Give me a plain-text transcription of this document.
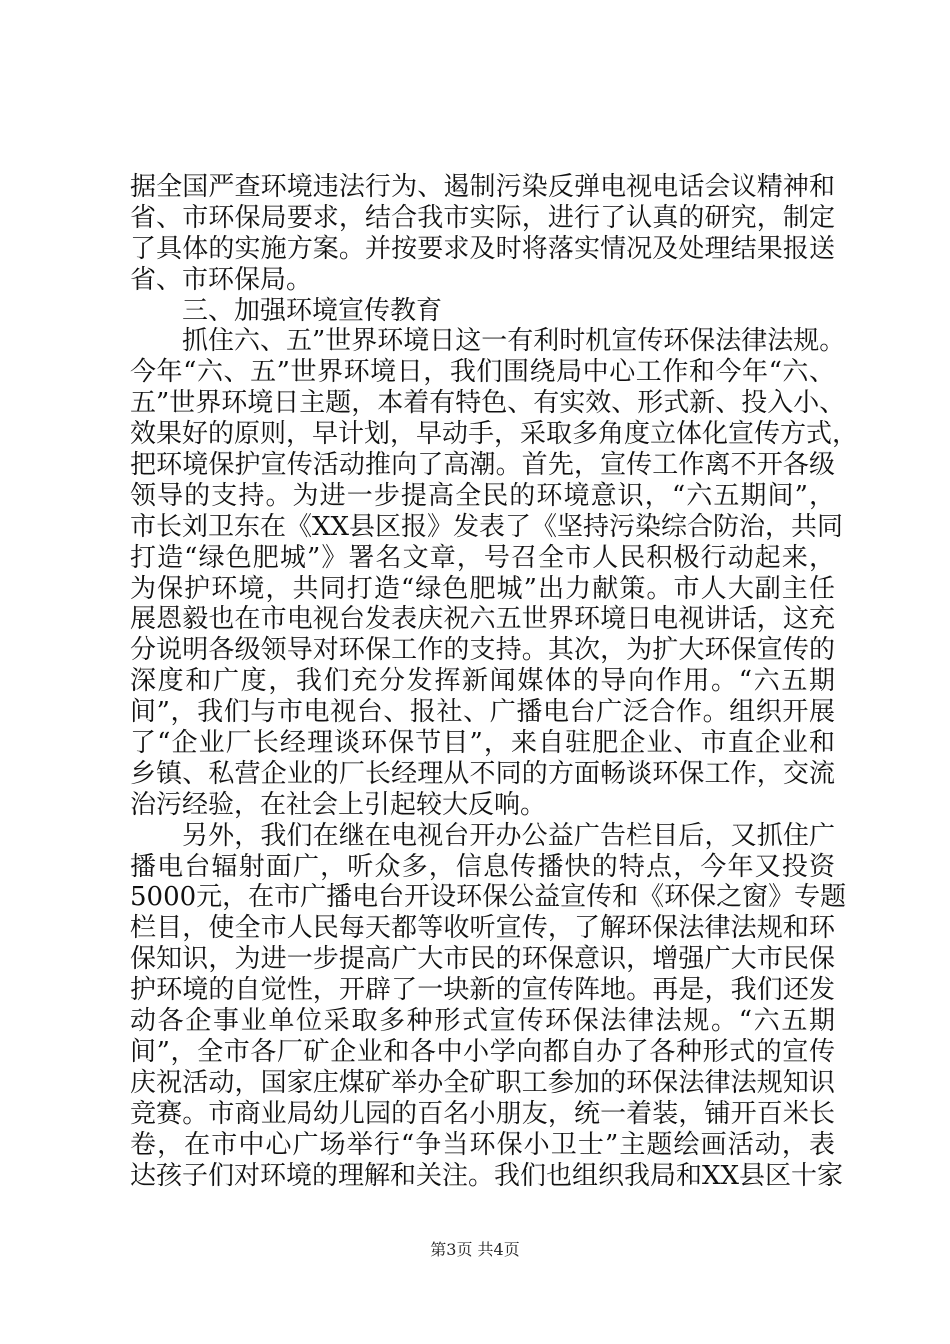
据全国严查环境违法行为、遏制污染反弹电视电话会议精神和
省、市环保局要求，结合我市实际，进行了认真的研究，制定
了具体的实施方案。并按要求及时将落实情况及处理结果报送
省、市环保局。
三、加强环境宣传教育
抓住六、五”世界环境日这一有利时机宣传环保法律法规。
今年“六、五”世界环境日，我们围绕局中心工作和今年“六、
五”世界环境日主题，本着有特色、有实效、形式新、投入小、
效果好的原则，早计划，早动手，采取多角度立体化宣传方式，
把环境保护宣传活动推向了高潮。首先，宣传工作离不开各级
领导的支持。为进一步提高全民的环境意识，“六五期间”，
市长刘卫东在《XX县区报》发表了《坚持污染综合防治，共同
打造“绿色肥城”》署名文章，号召全市人民积极行动起来，
为保护环境，共同打造“绿色肥城”出力献策。市人大副主任
展恩毅也在市电视台发表庆祝六五世界环境日电视讲话，这充
分说明各级领导对环保工作的支持。其次，为扩大环保宣传的
深度和广度，我们充分发挥新闻媒体的导向作用。“六五期
间”，我们与市电视台、报社、广播电台广泛合作。组织开展
了“企业厂长经理谈环保节目”，来自驻肥企业、市直企业和
乡镇、私营企业的厂长经理从不同的方面畅谈环保工作，交流
治污经验，在社会上引起较大反响。
另外，我们在继在电视台开办公益广告栏目后，又抓住广
播电台辐射面广，听众多，信息传播快的特点，今年又投资
5000元，在市广播电台开设环保公益宣传和《环保之窗》专题
栏目，使全市人民每天都等收听宣传，了解环保法律法规和环
保知识，为进一步提高广大市民的环保意识，增强广大市民保
护环境的自觉性，开辟了一块新的宣传阵地。再是，我们还发
动各企事业单位采取多种形式宣传环保法律法规。“六五期
间”，全市各厂矿企业和各中小学向都自办了各种形式的宣传
庆祝活动，国家庄煤矿举办全矿职工参加的环保法律法规知识
竞赛。市商业局幼儿园的百名小朋友，统一着装，铺开百米长
卷，在市中心广场举行“争当环保小卫士”主题绘画活动，表
达孩子们对环境的理解和关注。我们也组织我局和XX县区十家
第3页 共4页
